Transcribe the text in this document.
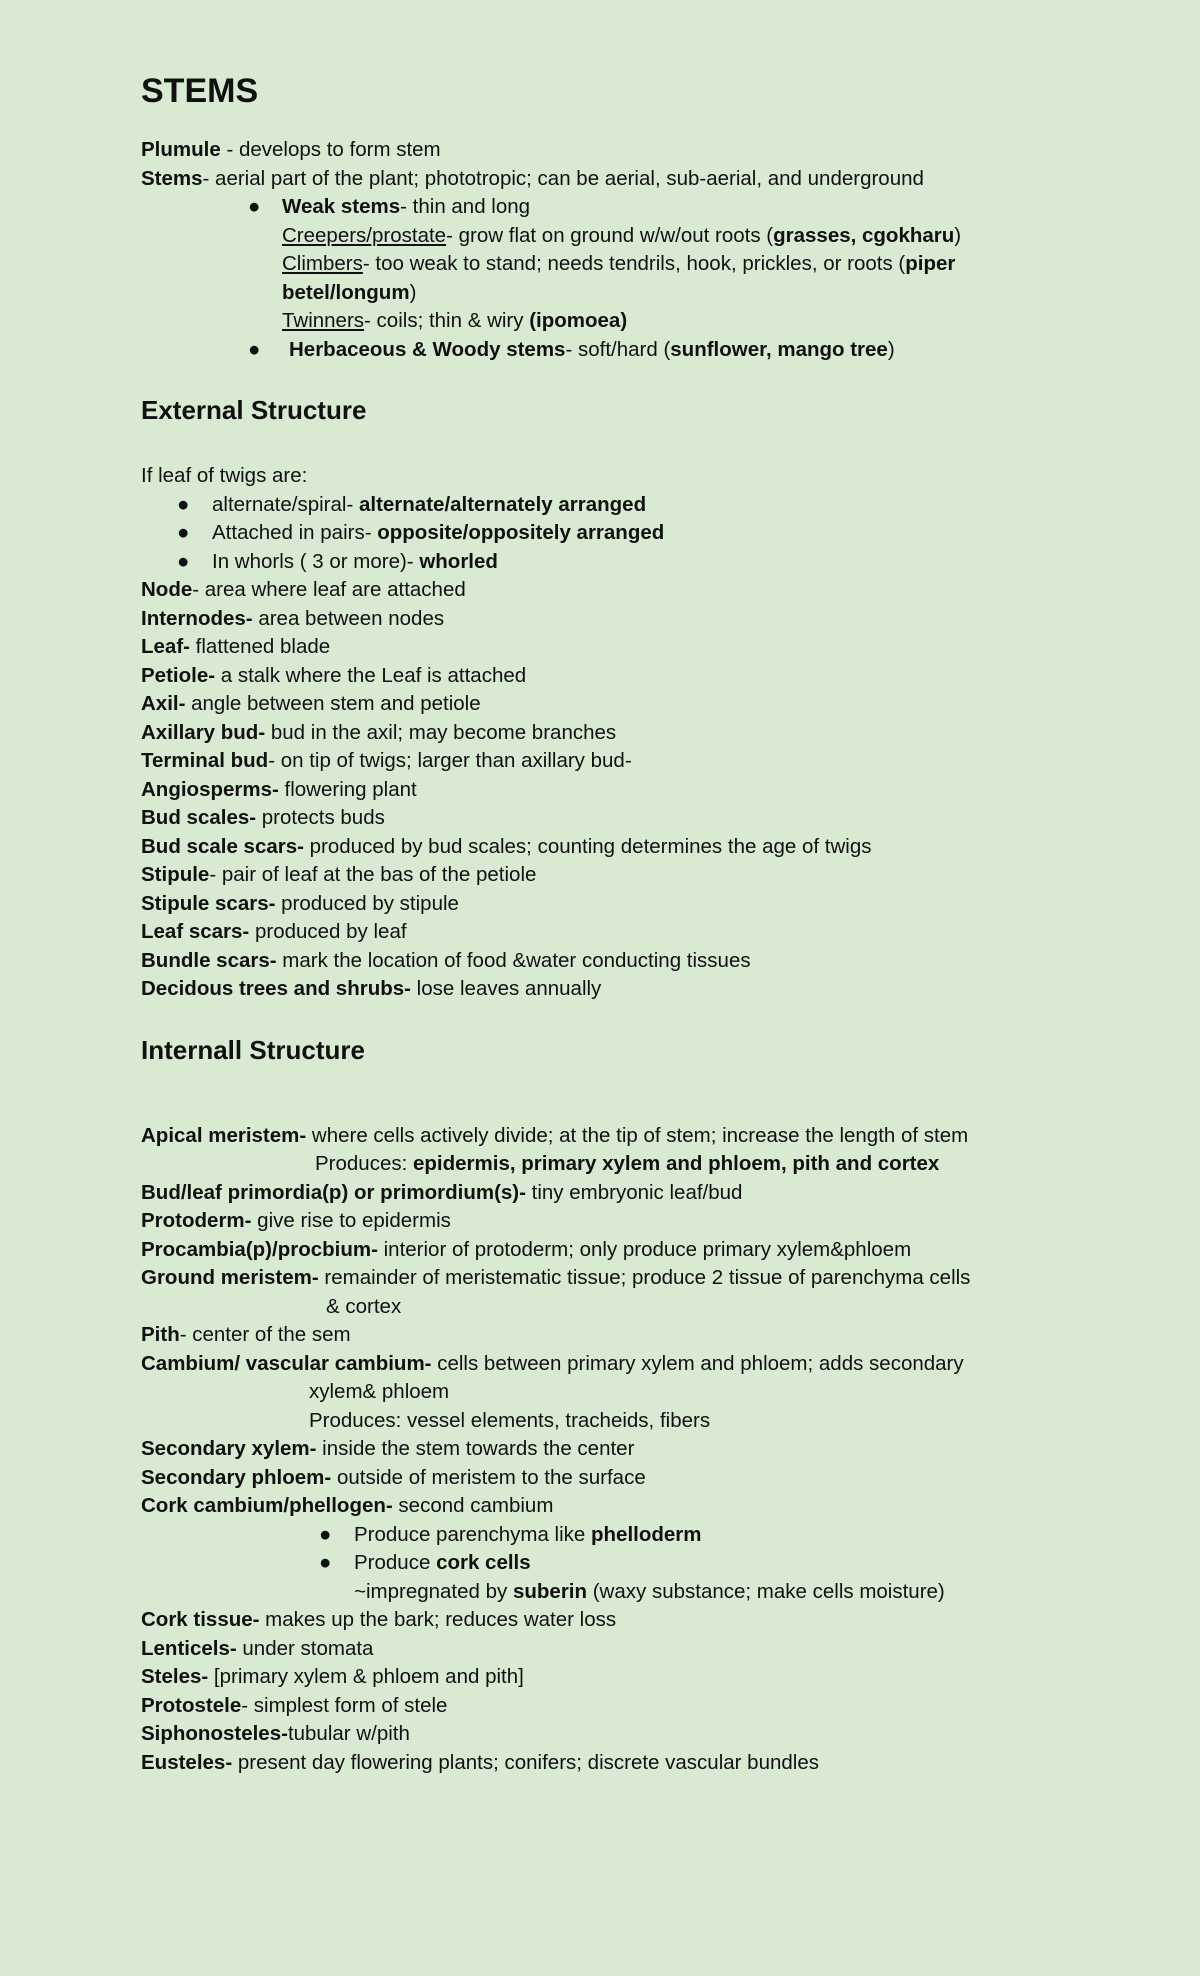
STEMS

Plumule - develops to form stem

Stems- aerial part of the plant; phototropic; can be aerial, sub-aerial, and underground

● Weak stems- thin and long

Creepers/prostate- grow flat on ground w/w/out roots (grasses, cgokharu)

Climbers- too weak to stand; needs tendrils, hook, prickles, or roots (piper betel/longum)

Twinners- coils; thin & wiry (ipomoea)

● Herbaceous & Woody stems- soft/hard (sunflower, mango tree)

External Structure

If leaf of twigs are:

● alternate/spiral- alternate/alternately arranged

● Attached in pairs- opposite/oppositely arranged

● In whorls ( 3 or more)- whorled

Node- area where leaf are attached

Internodes- area between nodes

Leaf- flattened blade

Petiole- a stalk where the Leaf is attached

Axil- angle between stem and petiole

Axillary bud- bud in the axil; may become branches

Terminal bud- on tip of twigs; larger than axillary bud-

Angiosperms- flowering plant

Bud scales- protects buds

Bud scale scars- produced by bud scales; counting determines the age of twigs

Stipule- pair of leaf at the bas of the petiole

Stipule scars- produced by stipule

Leaf scars- produced by leaf

Bundle scars- mark the location of food &water conducting tissues

Decidous trees and shrubs- lose leaves annually

Internall Structure

Apical meristem- where cells actively divide; at the tip of stem; increase the length of stem

Produces: epidermis, primary xylem and phloem, pith and cortex

Bud/leaf primordia(p) or primordium(s)- tiny embryonic leaf/bud

Protoderm- give rise to epidermis

Procambia(p)/procbium- interior of protoderm; only produce primary xylem&phloem

Ground meristem- remainder of meristematic tissue; produce 2 tissue of parenchyma cells

& cortex

Pith- center of the sem

Cambium/ vascular cambium- cells between primary xylem and phloem; adds secondary

xylem& phloem

Produces: vessel elements, tracheids, fibers

Secondary xylem- inside the stem towards the center

Secondary phloem- outside of meristem to the surface

Cork cambium/phellogen- second cambium

● Produce parenchyma like phelloderm

● Produce cork cells

~impregnated by suberin (waxy substance; make cells moisture)

Cork tissue- makes up the bark; reduces water loss

Lenticels- under stomata

Steles- [primary xylem & phloem and pith]

Protostele- simplest form of stele

Siphonosteles-tubular w/pith

Eusteles- present day flowering plants; conifers; discrete vascular bundles
